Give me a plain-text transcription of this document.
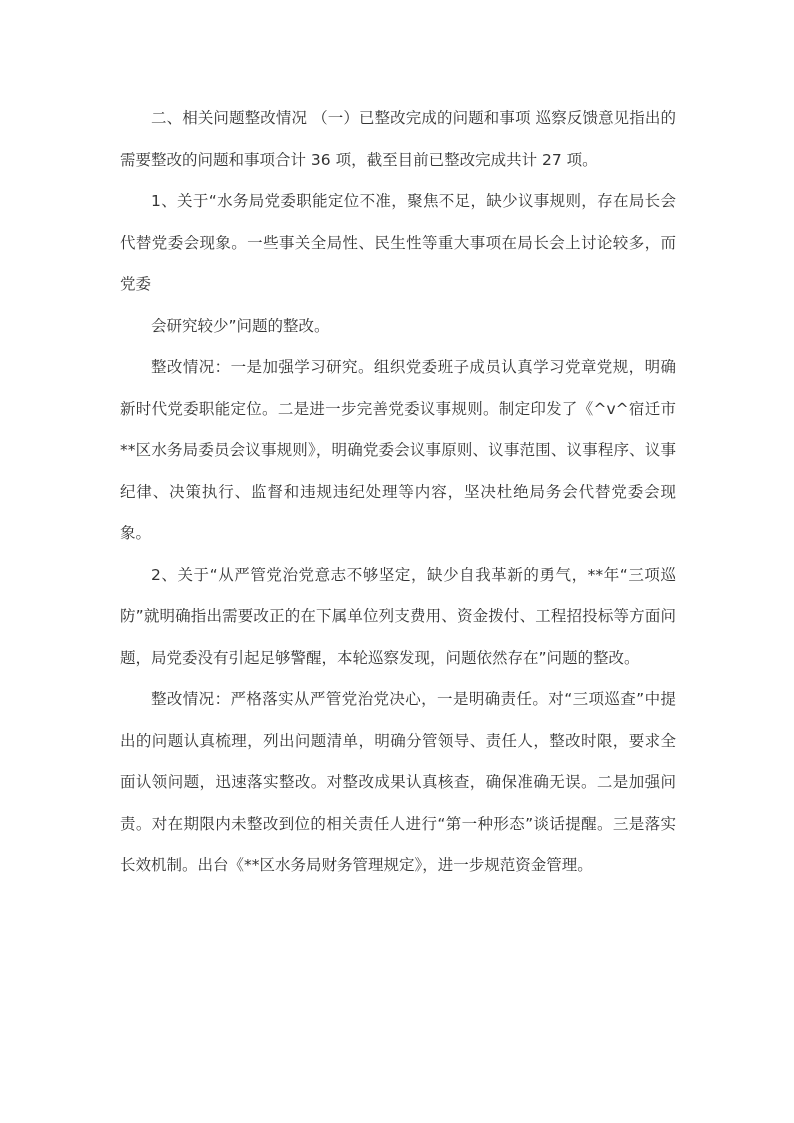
二、相关问题整改情况 （一）已整改完成的问题和事项 巡察反馈意见指出的需要整改的问题和事项合计 36 项，截至目前已整改完成共计 27 项。

1、关于“水务局党委职能定位不准，聚焦不足，缺少议事规则，存在局长会代替党委会现象。一些事关全局性、民生性等重大事项在局长会上讨论较多，而党委

会研究较少”问题的整改。

整改情况：一是加强学习研究。组织党委班子成员认真学习党章党规，明确新时代党委职能定位。二是进一步完善党委议事规则。制定印发了《^v^宿迁市**区水务局委员会议事规则》，明确党委会议事原则、议事范围、议事程序、议事纪律、决策执行、监督和违规违纪处理等内容，坚决杜绝局务会代替党委会现象。

2、关于“从严管党治党意志不够坚定，缺少自我革新的勇气，**年“三项巡防”就明确指出需要改正的在下属单位列支费用、资金拨付、工程招投标等方面问题，局党委没有引起足够警醒，本轮巡察发现，问题依然存在”问题的整改。

整改情况：严格落实从严管党治党决心，一是明确责任。对“三项巡查”中提出的问题认真梳理，列出问题清单，明确分管领导、责任人，整改时限，要求全面认领问题，迅速落实整改。对整改成果认真核查，确保准确无误。二是加强问责。对在期限内未整改到位的相关责任人进行“第一种形态”谈话提醒。三是落实长效机制。出台《**区水务局财务管理规定》，进一步规范资金管理。
